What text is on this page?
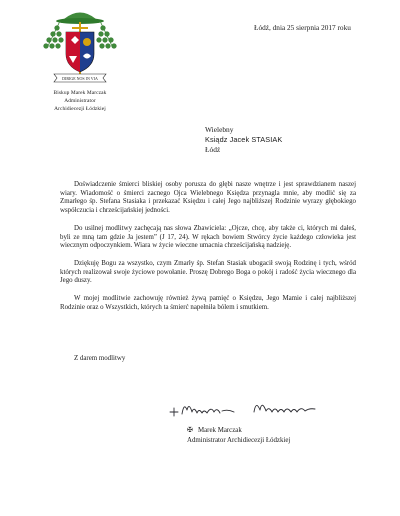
DIRIGE NOS IN VIA
Biskup Marek Marczak
Administrator
Archidiecezji Łódzkiej
Łódź, dnia 25 sierpnia 2017 roku
Wielebny
Ksiądz Jacek STASIAK
Łódź

Doświadczenie śmierci bliskiej osoby porusza do głębi nasze wnętrze i jest sprawdzianem naszej wiary. Wiadomość o śmierci zacnego Ojca Wielebnego Księdza przynagla mnie, aby modlić się za Zmarłego śp. Stefana Stasiaka i przekazać Księdzu i całej Jego najbliższej Rodzinie wyrazy głębokiego współczucia i chrześcijańskiej jedności.

Do usilnej modlitwy zachęcają nas słowa Zbawiciela: „Ojcze, chcę, aby także ci, których mi dałeś, byli ze mną tam gdzie Ja jestem” (J 17, 24). W rękach bowiem Stwórcy życie każdego człowieka jest wiecznym odpoczynkiem. Wiara w życie wieczne umacnia chrześcijańską nadzieję.

Dziękuję Bogu za wszystko, czym Zmarły śp. Stefan Stasiak ubogacił swoją Rodzinę i tych, wśród których realizował swoje życiowe powołanie. Proszę Dobrego Boga o pokój i radość życia wiecznego dla Jego duszy.

W mojej modlitwie zachowuję również żywą pamięć o Księdzu, Jego Mamie i całej najbliższej Rodzinie oraz o Wszystkich, których ta śmierć napełniła bólem i smutkiem.

Z darem modlitwy
✠ Marek Marczak
Administrator Archidiecezji Łódzkiej
